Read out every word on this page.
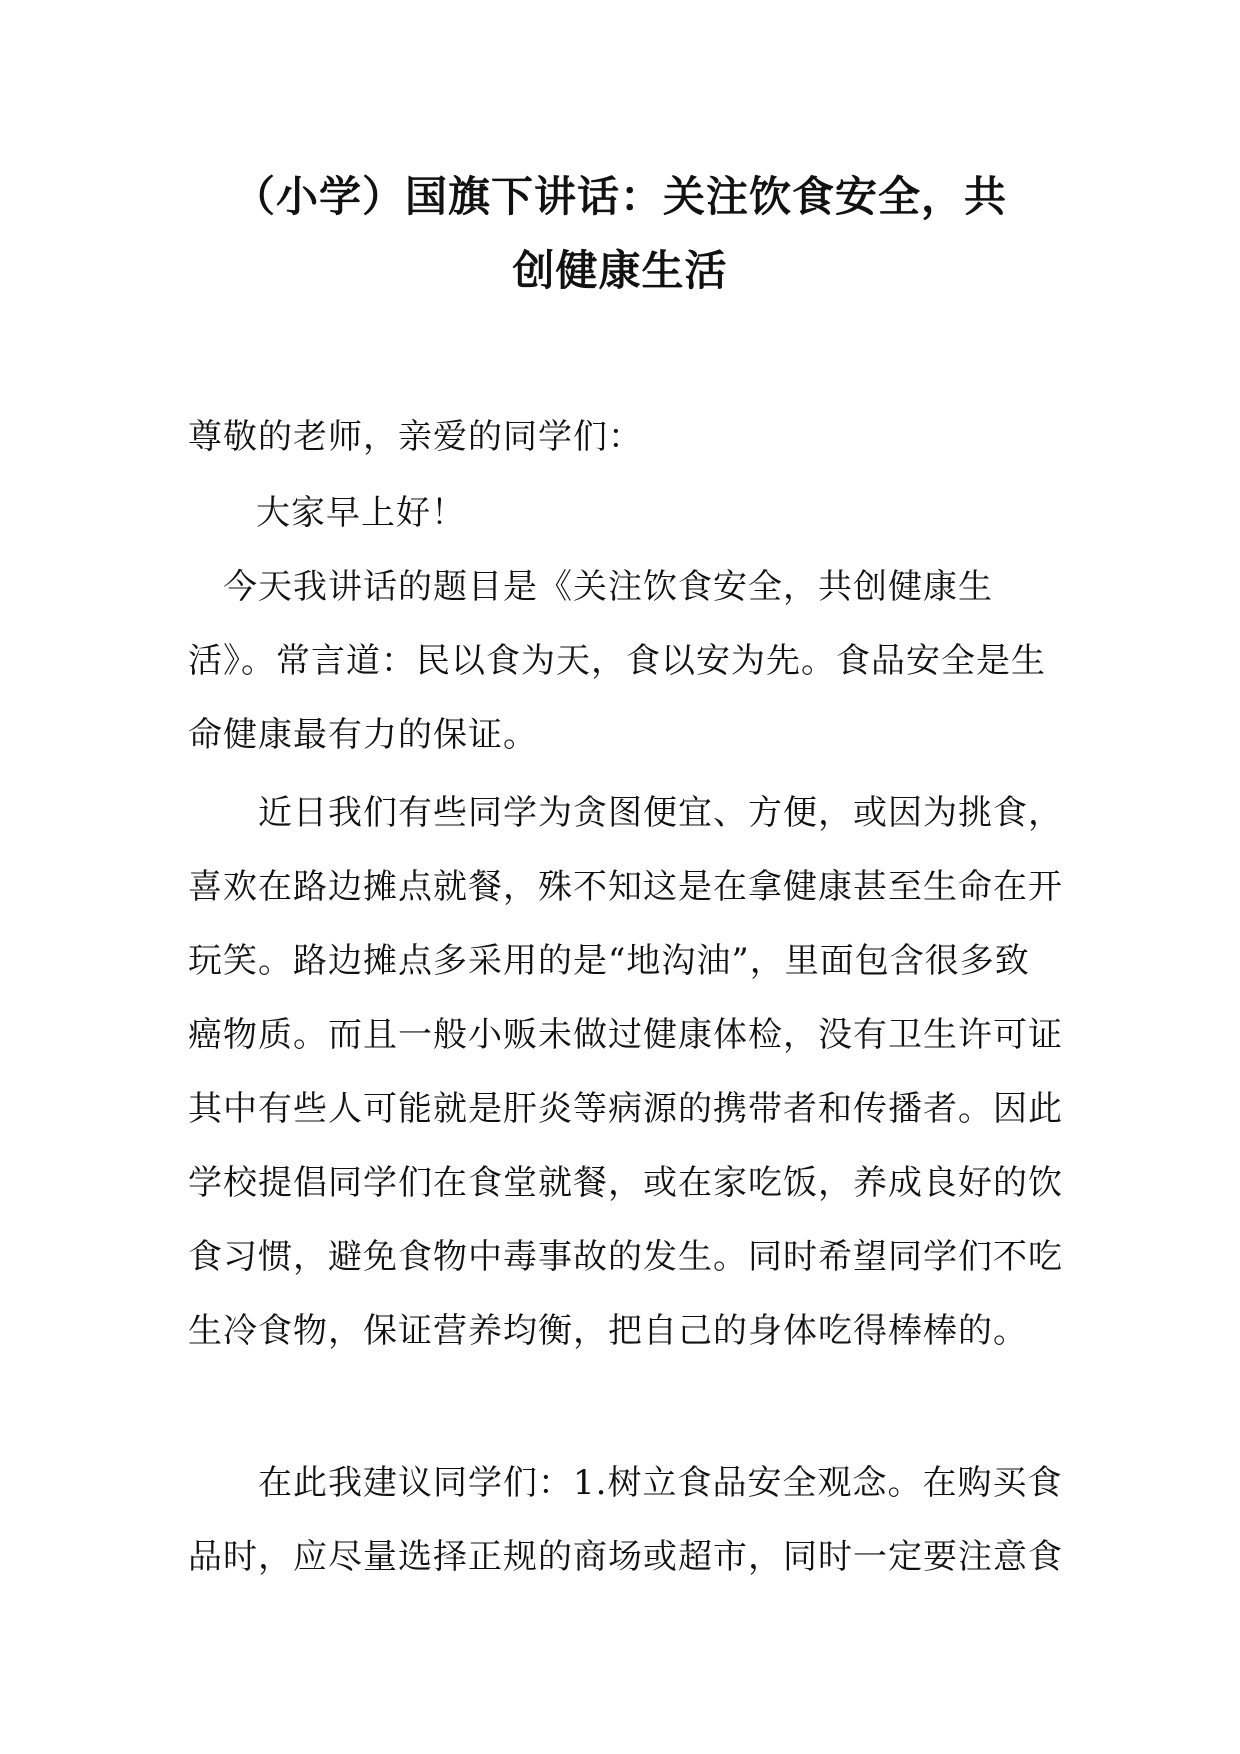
（小学）国旗下讲话：关注饮食安全，共
创健康生活
尊敬的老师，亲爱的同学们：
大家早上好！
　今天我讲话的题目是《关注饮食安全，共创健康生
活》。常言道：民以食为天，食以安为先。食品安全是生
命健康最有力的保证。
　　近日我们有些同学为贪图便宜、方便，或因为挑食，
喜欢在路边摊点就餐，殊不知这是在拿健康甚至生命在开
玩笑。路边摊点多采用的是“地沟油”，里面包含很多致
癌物质。而且一般小贩未做过健康体检，没有卫生许可证
其中有些人可能就是肝炎等病源的携带者和传播者。因此
学校提倡同学们在食堂就餐，或在家吃饭，养成良好的饮
食习惯，避免食物中毒事故的发生。同时希望同学们不吃
生冷食物，保证营养均衡，把自己的身体吃得棒棒的。
　　在此我建议同学们：1.树立食品安全观念。在购买食
品时，应尽量选择正规的商场或超市，同时一定要注意食
